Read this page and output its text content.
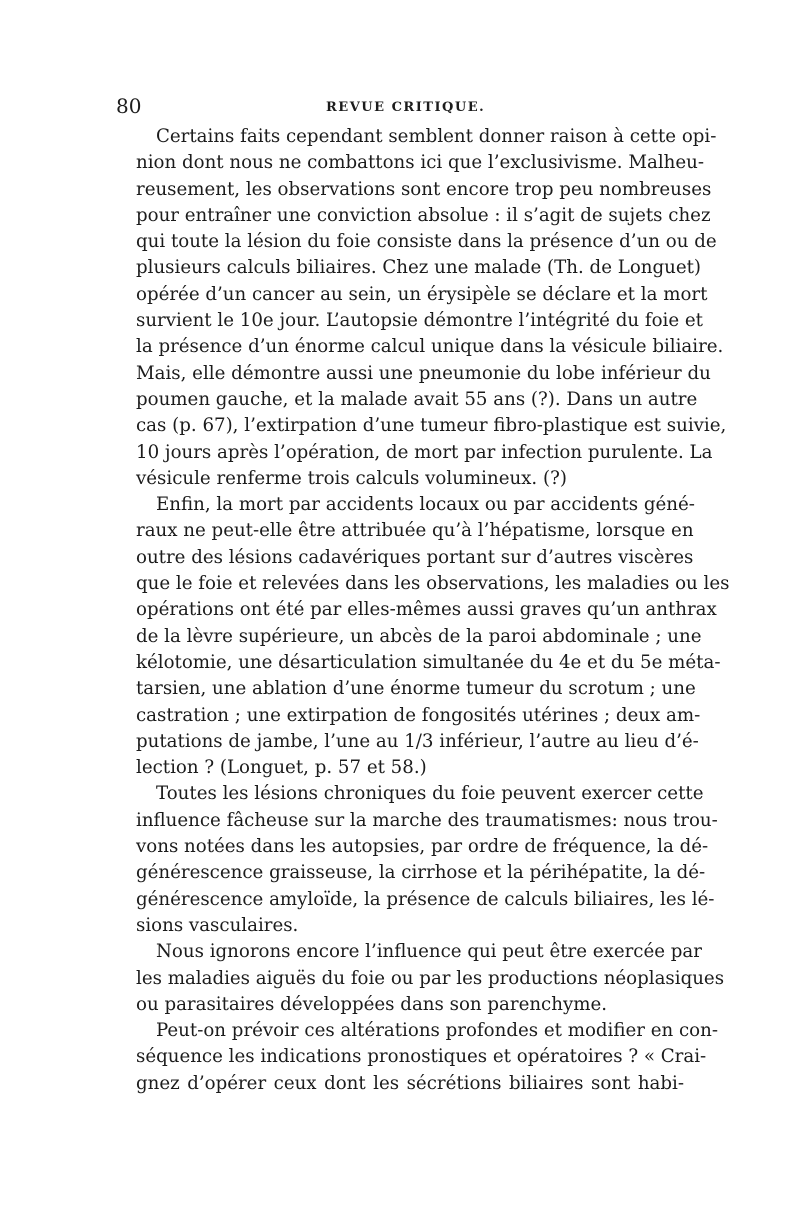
80	REVUE CRITIQUE.

Certains faits cependant semblent donner raison à cette opi-
nion dont nous ne combattons ici que l’exclusivisme. Malheu-
reusement, les observations sont encore trop peu nombreuses
pour entraîner une conviction absolue : il s’agit de sujets chez
qui toute la lésion du foie consiste dans la présence d’un ou de
plusieurs calculs biliaires. Chez une malade (Th. de Longuet)
opérée d’un cancer au sein, un érysipèle se déclare et la mort
survient le 10e jour. L’autopsie démontre l’intégrité du foie et
la présence d’un énorme calcul unique dans la vésicule biliaire.
Mais, elle démontre aussi une pneumonie du lobe inférieur du
poumen gauche, et la malade avait 55 ans (?). Dans un autre
cas (p. 67), l’extirpation d’une tumeur fibro-plastique est suivie,
10 jours après l’opération, de mort par infection purulente. La
vésicule renferme trois calculs volumineux. (?)

Enfin, la mort par accidents locaux ou par accidents géné-
raux ne peut-elle être attribuée qu’à l’hépatisme, lorsque en
outre des lésions cadavériques portant sur d’autres viscères
que le foie et relevées dans les observations, les maladies ou les
opérations ont été par elles-mêmes aussi graves qu’un anthrax
de la lèvre supérieure, un abcès de la paroi abdominale ; une
kélotomie, une désarticulation simultanée du 4e et du 5e méta-
tarsien, une ablation d’une énorme tumeur du scrotum ; une
castration ; une extirpation de fongosités utérines ; deux am-
putations de jambe, l’une au 1/3 inférieur, l’autre au lieu d’é-
lection ? (Longuet, p. 57 et 58.)

Toutes les lésions chroniques du foie peuvent exercer cette
influence fâcheuse sur la marche des traumatismes: nous trou-
vons notées dans les autopsies, par ordre de fréquence, la dé-
générescence graisseuse, la cirrhose et la périhépatite, la dé-
générescence amyloïde, la présence de calculs biliaires, les lé-
sions vasculaires.

Nous ignorons encore l’influence qui peut être exercée par
les maladies aiguës du foie ou par les productions néoplasiques
ou parasitaires développées dans son parenchyme.

Peut-on prévoir ces altérations profondes et modifier en con-
séquence les indications pronostiques et opératoires ? « Crai-
gnez d’opérer ceux dont les sécrétions biliaires sont habi-
